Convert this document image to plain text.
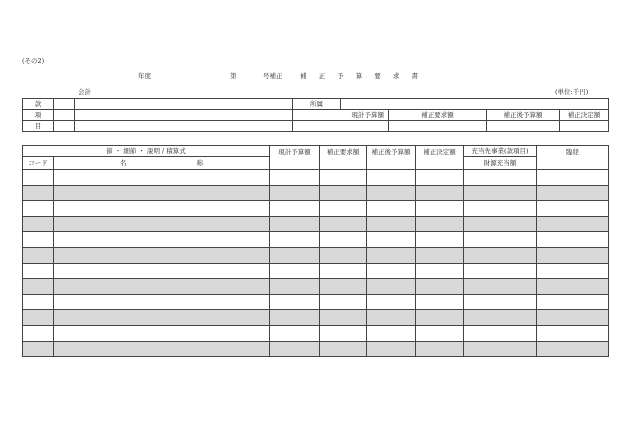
(その2)
年度	第	号補正	補 正 予 算 要 求 書
会計	(単位:千円)
款			所属				
項			現計予算額		補正要求額	補正後予算額	補正決定額
目							
節 ・ 細節 ・ 説明 / 積算式		現計予算額	補正要求額	補正後予算額	補正決定額	充当先事業(款項目)	臨経
コード	名 称					財源充当額	
